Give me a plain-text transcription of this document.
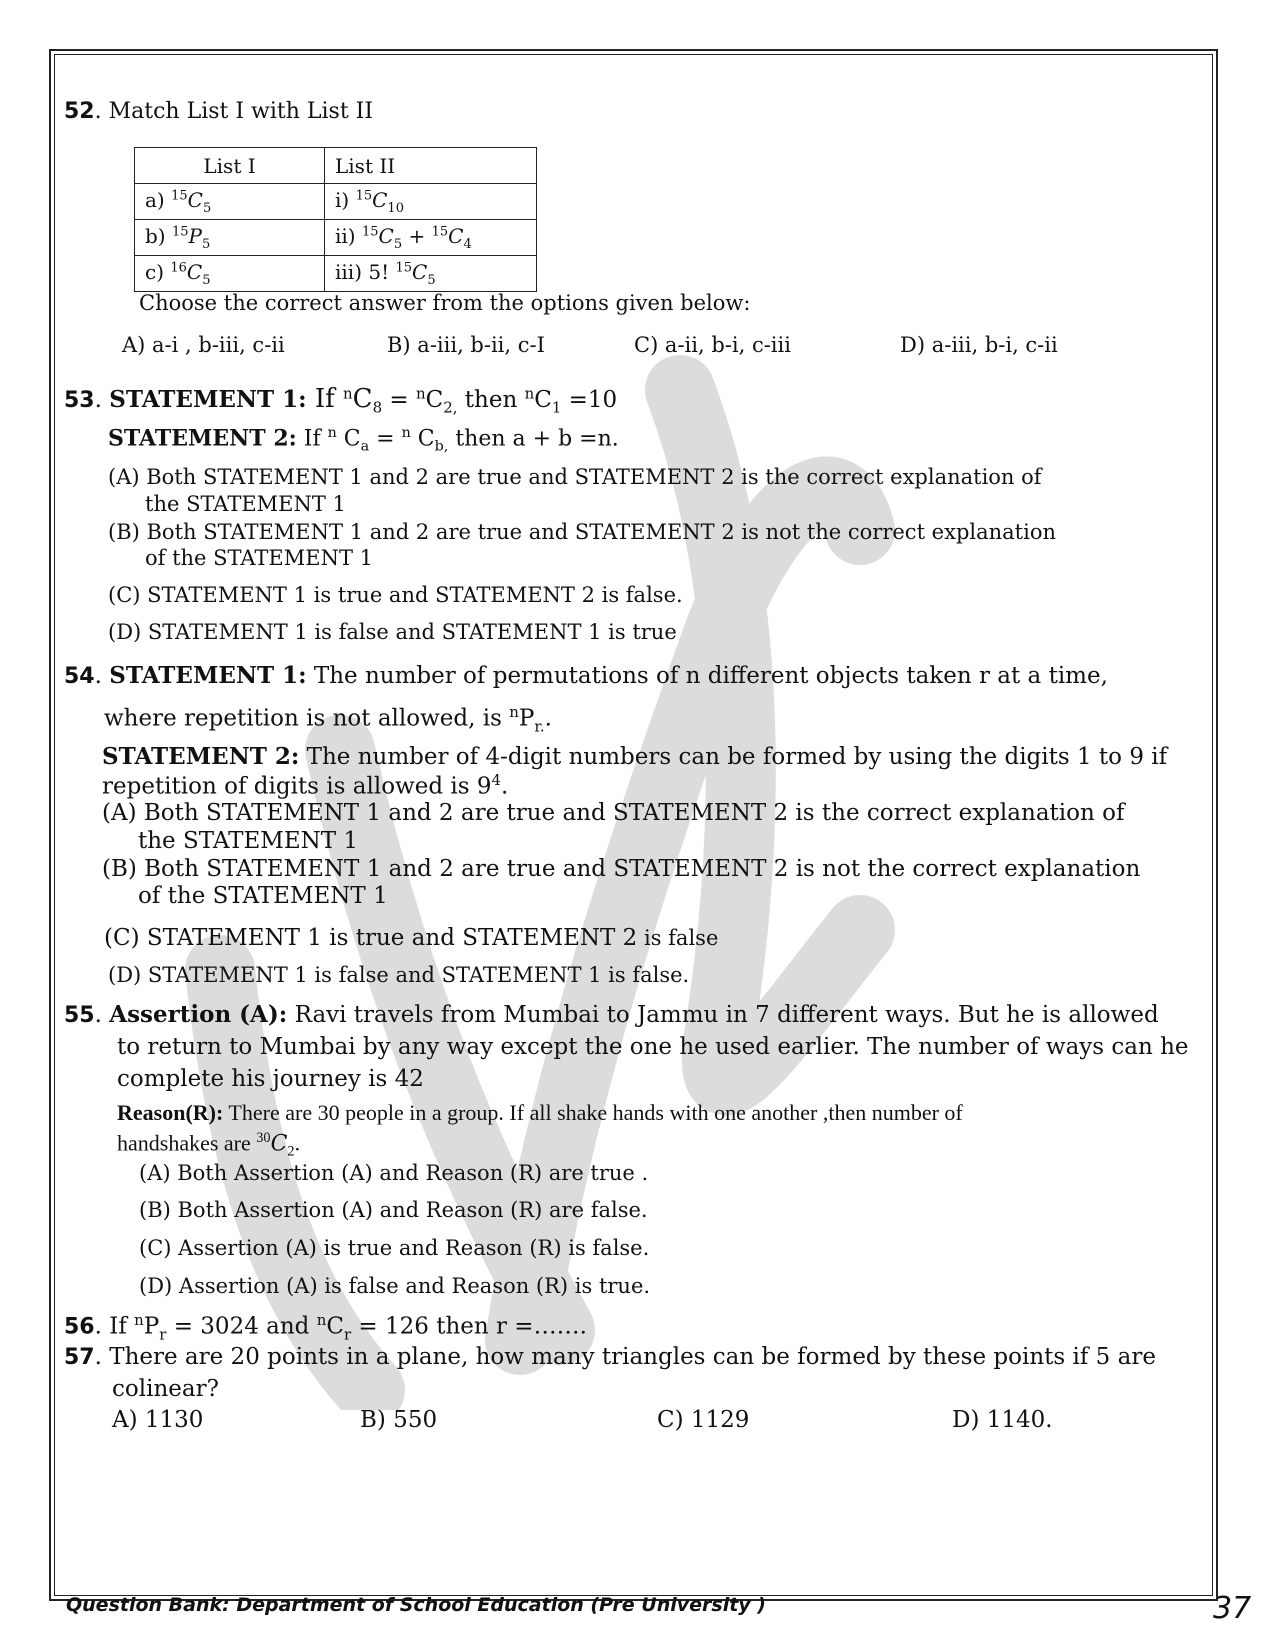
52. Match List I with List II
List I	List II
a) $^{15}C_5$	i) $^{15}C_{10}$
b) $^{15}P_5$	ii) $^{15}C_5 + ^{15}C_4$
c) $^{16}C_5$	iii) 5! $^{15}C_5$
Choose the correct answer from the options given below:
A) a-i , b-iii, c-ii	B) a-iii, b-ii, c-I	C) a-ii, b-i, c-iii	D) a-iii, b-i, c-ii
53. STATEMENT 1: If $^nC_8 = ^nC_{2,}$ then $^nC_1 =10$
STATEMENT 2: If $^n$ $C_a = ^n$ $C_{b,}$ then a + b =n.
(A) Both STATEMENT 1 and 2 are true and STATEMENT 2 is the correct explanation of
the STATEMENT 1
(B) Both STATEMENT 1 and 2 are true and STATEMENT 2 is not the correct explanation
of the STATEMENT 1
(C) STATEMENT 1 is true and STATEMENT 2 is false.
(D) STATEMENT 1 is false and STATEMENT 1 is true
54. STATEMENT 1: The number of permutations of n different objects taken r at a time,
where repetition is not allowed, is $^nP_{r.}$.
STATEMENT 2: The number of 4-digit numbers can be formed by using the digits 1 to 9 if
repetition of digits is allowed is $9^4$.
(A) Both STATEMENT 1 and 2 are true and STATEMENT 2 is the correct explanation of
the STATEMENT 1
(B) Both STATEMENT 1 and 2 are true and STATEMENT 2 is not the correct explanation
of the STATEMENT 1
(C) STATEMENT 1 is true and STATEMENT 2 is false
(D) STATEMENT 1 is false and STATEMENT 1 is false.
55. Assertion (A): Ravi travels from Mumbai to Jammu in 7 different ways. But he is allowed
to return to Mumbai by any way except the one he used earlier. The number of ways can he
complete his journey is 42
Reason(R): There are 30 people in a group. If all shake hands with one another ,then number of
handshakes are $^{30}C_2$.
(A) Both Assertion (A) and Reason (R) are true .
(B) Both Assertion (A) and Reason (R) are false.
(C) Assertion (A) is true and Reason (R) is false.
(D) Assertion (A) is false and Reason (R) is true.
56. If $^nP_r = 3024$ and $^nC_r = 126$ then r =…….
57. There are 20 points in a plane, how many triangles can be formed by these points if 5 are
colinear?
A) 1130	B) 550	C) 1129	D) 1140.
Question Bank: Department of School Education (Pre University )	37
